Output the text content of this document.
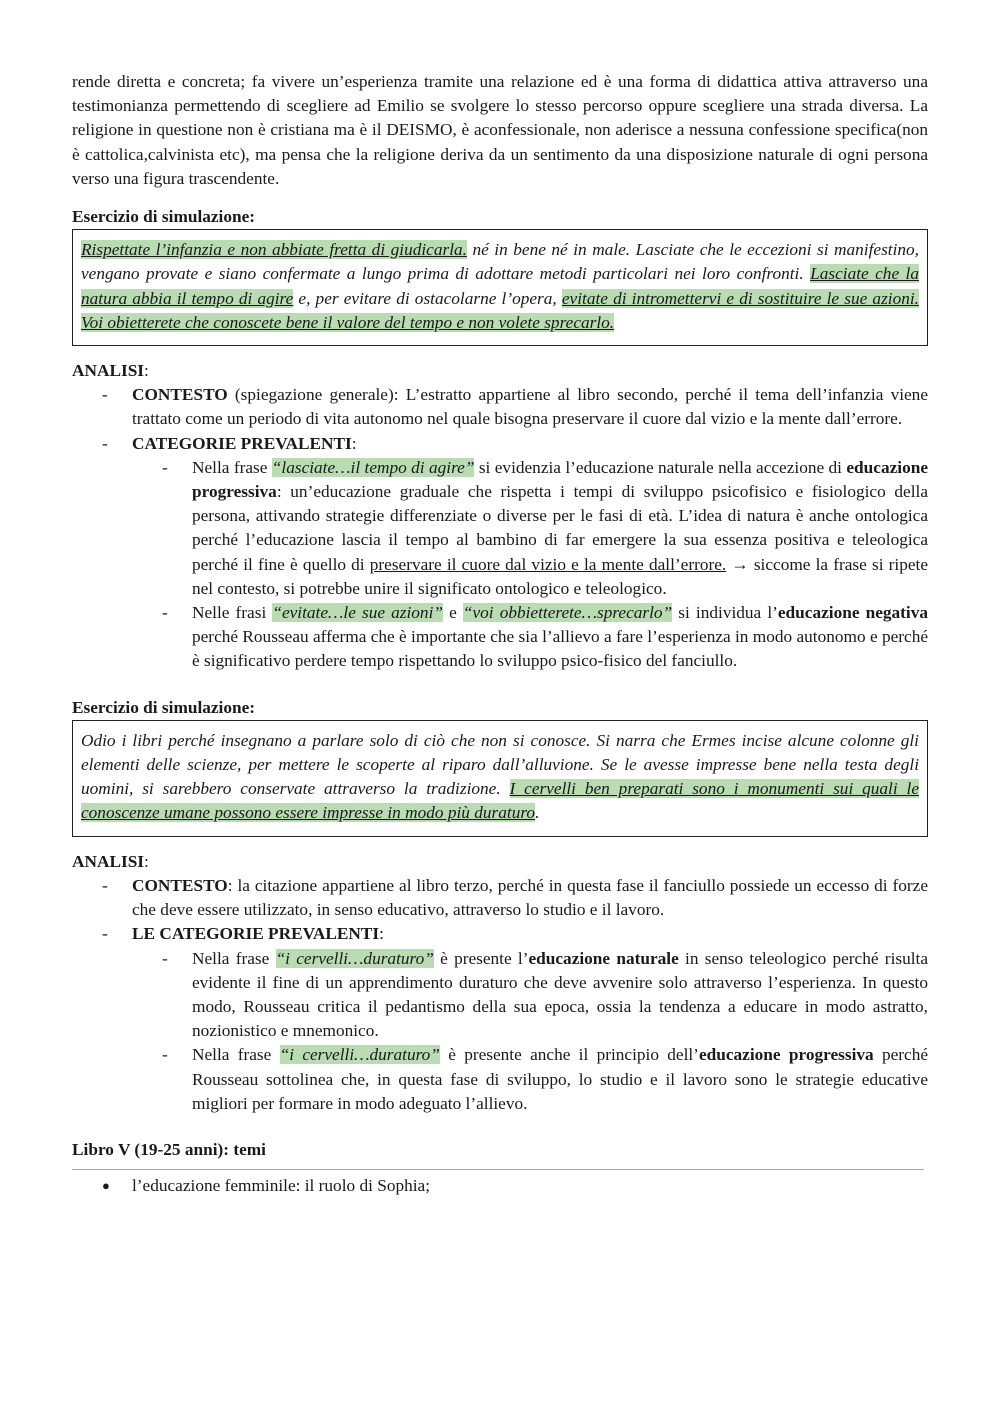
rende diretta e concreta; fa vivere un’esperienza tramite una relazione ed è una forma di didattica attiva attraverso una testimonianza permettendo di scegliere ad Emilio se svolgere lo stesso percorso oppure scegliere una strada diversa. La religione in questione non è cristiana ma è il DEISMO, è aconfessionale, non aderisce a nessuna confessione specifica(non è cattolica,calvinista etc), ma pensa che la religione deriva da un sentimento da una disposizione naturale di ogni persona verso una figura trascendente.

Esercizio di simulazione:

Rispettate l’infanzia e non abbiate fretta di giudicarla. né in bene né in male. Lasciate che le eccezioni si manifestino, vengano provate e siano confermate a lungo prima di adottare metodi particolari nei loro confronti. Lasciate che la natura abbia il tempo di agire e, per evitare di ostacolarne l’opera, evitate di intromettervi e di sostituire le sue azioni. Voi obietterete che conoscete bene il valore del tempo e non volete sprecarlo.

ANALISI:

- CONTESTO (spiegazione generale): L’estratto appartiene al libro secondo, perché il tema dell’infanzia viene trattato come un periodo di vita autonomo nel quale bisogna preservare il cuore dal vizio e la mente dall’errore.
- CATEGORIE PREVALENTI:
- Nella frase “lasciate…il tempo di agire” si evidenzia l’educazione naturale nella accezione di educazione progressiva: un’educazione graduale che rispetta i tempi di sviluppo psicofisico e fisiologico della persona, attivando strategie differenziate o diverse per le fasi di età. L’idea di natura è anche ontologica perché l’educazione lascia il tempo al bambino di far emergere la sua essenza positiva e teleologica perché il fine è quello di preservare il cuore dal vizio e la mente dall’errore. → siccome la frase si ripete nel contesto, si potrebbe unire il significato ontologico e teleologico.
- Nelle frasi “evitate…le sue azioni” e “voi obbietterete…sprecarlo” si individua l’educazione negativa perché Rousseau afferma che è importante che sia l’allievo a fare l’esperienza in modo autonomo e perché è significativo perdere tempo rispettando lo sviluppo psico-fisico del fanciullo.

Esercizio di simulazione:

Odio i libri perché insegnano a parlare solo di ciò che non si conosce. Si narra che Ermes incise alcune colonne gli elementi delle scienze, per mettere le scoperte al riparo dall’alluvione. Se le avesse impresse bene nella testa degli uomini, si sarebbero conservate attraverso la tradizione. I cervelli ben preparati sono i monumenti sui quali le conoscenze umane possono essere impresse in modo più duraturo.

ANALISI:

- CONTESTO: la citazione appartiene al libro terzo, perché in questa fase il fanciullo possiede un eccesso di forze che deve essere utilizzato, in senso educativo, attraverso lo studio e il lavoro.
- LE CATEGORIE PREVALENTI:
- Nella frase “i cervelli…duraturo” è presente l’educazione naturale in senso teleologico perché risulta evidente il fine di un apprendimento duraturo che deve avvenire solo attraverso l’esperienza. In questo modo, Rousseau critica il pedantismo della sua epoca, ossia la tendenza a educare in modo astratto, nozionistico e mnemonico.
- Nella frase “i cervelli…duraturo” è presente anche il principio dell’educazione progressiva perché Rousseau sottolinea che, in questa fase di sviluppo, lo studio e il lavoro sono le strategie educative migliori per formare in modo adeguato l’allievo.

Libro V (19-25 anni): temi

● l’educazione femminile: il ruolo di Sophia;
